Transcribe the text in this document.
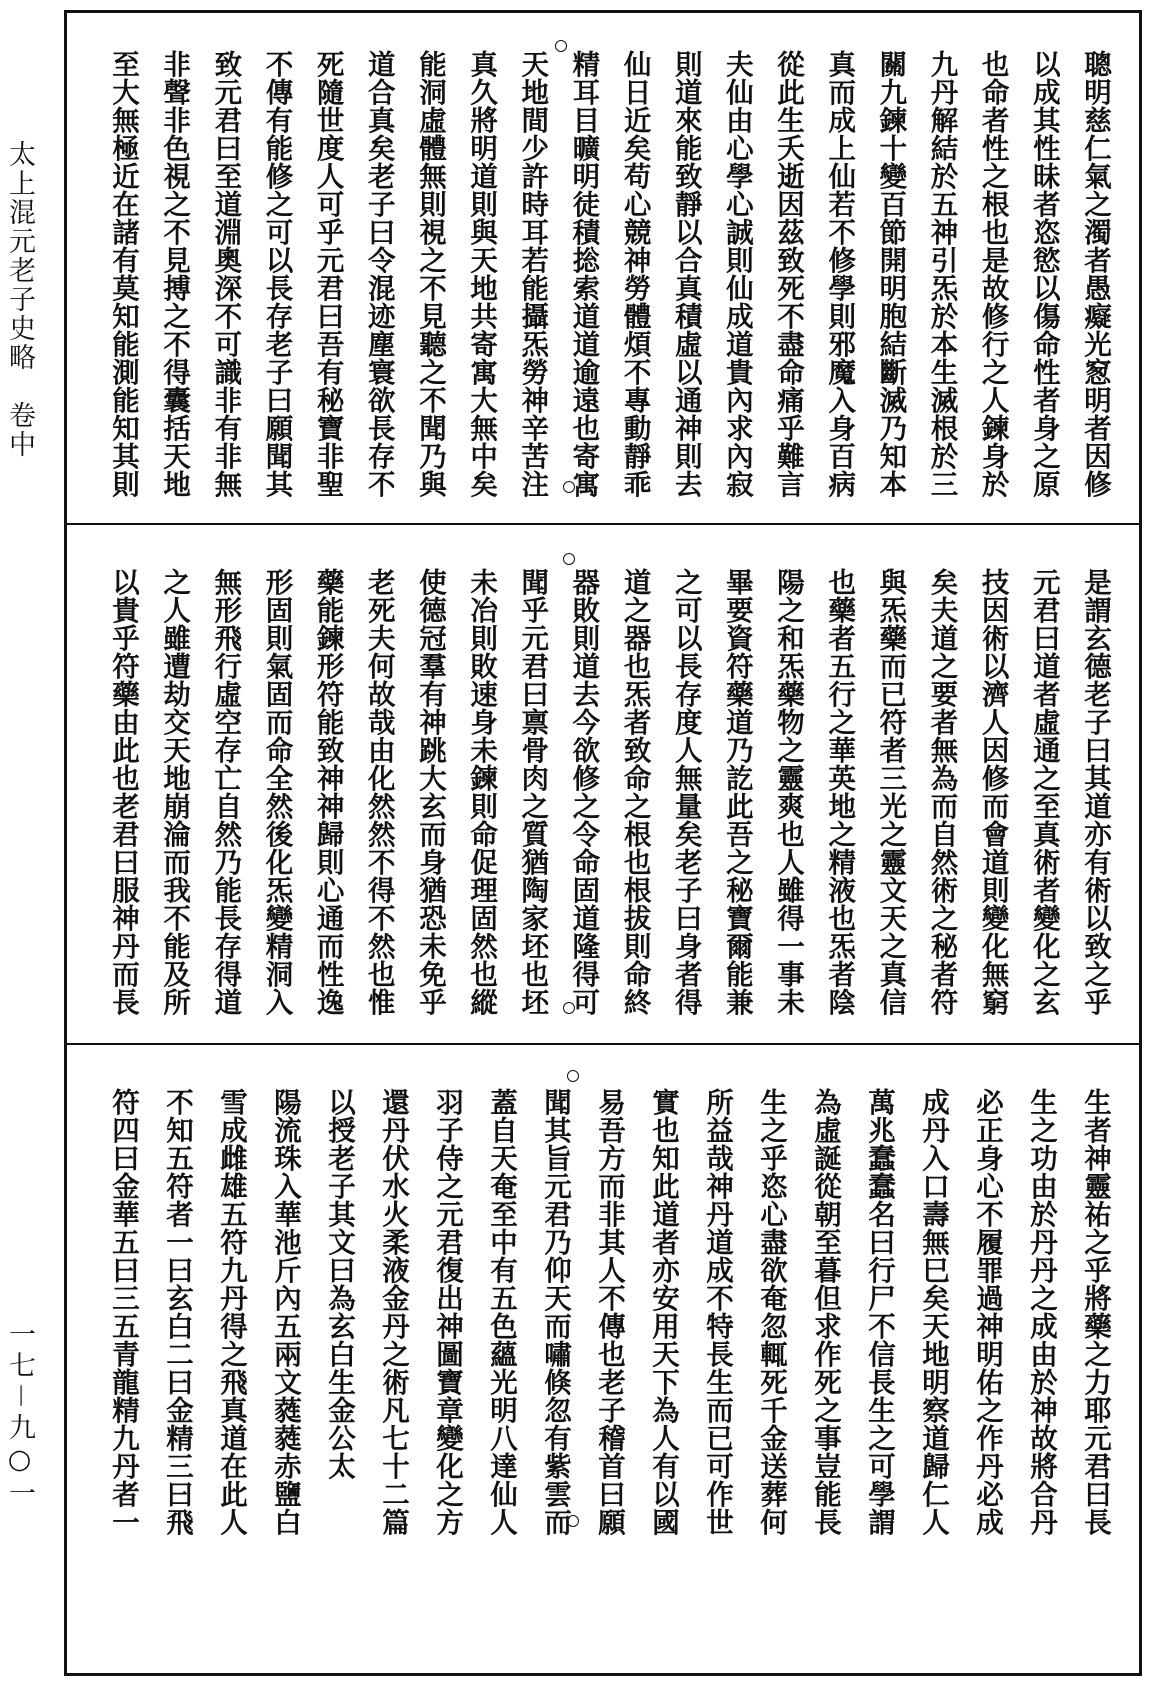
太上混元老子史略　卷中
一七－九○一
聰明慈仁氣之濁者愚癡光䆫明者因修
以成其性昧者恣慾以傷命性者身之原
也命者性之根也是故修行之人鍊身於
九丹解結於五神引炁於本生滅根於三
關九鍊十變百節開明胞結斷滅乃知本
真而成上仙若不修學則邪魔入身百病
從此生夭逝因茲致死不盡命痛乎難言
夫仙由心學心誠則仙成道貴內求內寂
則道來能致靜以合真積虛以通神則去
仙日近矣苟心競神勞體煩不專動靜乖
精耳目曠明徒積捴索道道逾遠也寄寓
天地間少許時耳若能攝炁勞神辛苦注
真久將明道則與天地共寄寓大無中矣
能洞虛體無則視之不見聽之不聞乃與
道合真矣老子曰令混迹塵寰欲長存不
死隨世度人可乎元君曰吾有秘寶非聖
不傳有能修之可以長存老子曰願聞其
致元君曰至道淵奧深不可識非有非無
非聲非色視之不見搏之不得囊括天地
至大無極近在諸有莫知能測能知其則
是謂玄德老子曰其道亦有術以致之乎
元君曰道者虛通之至真術者變化之玄
技因術以濟人因修而會道則變化無窮
矣夫道之要者無為而自然術之秘者符
與炁藥而已符者三光之靈文天之真信
也藥者五行之華英地之精液也炁者陰
陽之和炁藥物之靈爽也人雖得一事未
畢要資符藥道乃訖此吾之秘寶爾能兼
之可以長存度人無量矣老子曰身者得
道之器也炁者致命之根也根拔則命終
器敗則道去今欲修之令命固道隆得可
聞乎元君曰禀骨肉之質猶陶家坯也坯
未冶則敗速身未鍊則命促理固然也縱
使德冠羣有神跳大玄而身猶恐未免乎
老死夫何故哉由化然然不得不然也惟
藥能鍊形符能致神神歸則心通而性逸
形固則氣固而命全然後化炁變精洞入
無形飛行虛空存亡自然乃能長存得道
之人雖遭劫交天地崩淪而我不能及所
以貴乎符藥由此也老君曰服神丹而長
生者神靈祐之乎將藥之力耶元君曰長
生之功由於丹丹之成由於神故將合丹
必正身心不履罪過神明佑之作丹必成
成丹入口壽無巳矣天地明察道歸仁人
萬兆蠢蠢名曰行尸不信長生之可學謂
為虛誕從朝至暮但求作死之事豈能長
生之乎恣心盡欲奄忽輒死千金送葬何
所益哉神丹道成不特長生而已可作世
實也知此道者亦安用天下為人有以國
易吾方而非其人不傳也老子稽首曰願
聞其旨元君乃仰天而嘯倏忽有紫雲而
蓋自天奄至中有五色蘊光明八達仙人
羽子侍之元君復出神圖寶章變化之方
還丹伏水火柔液金丹之術凡七十二篇
以授老子其文曰為玄白生金公太
陽流珠入華池斤內五兩文蕤蕤赤鹽白
雪成雌雄五符九丹得之飛真道在此人
不知五符者一曰玄白二曰金精三曰飛
符四曰金華五曰三五青龍精九丹者一
